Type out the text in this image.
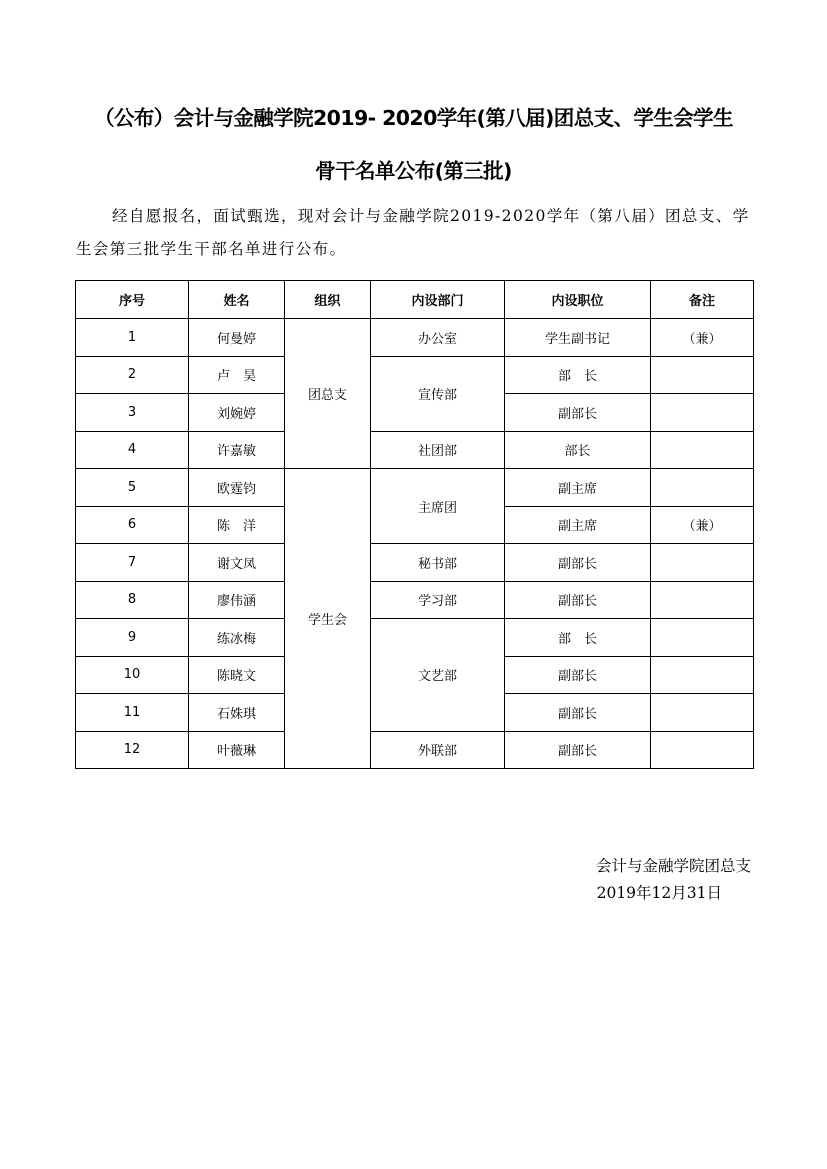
（公布）会计与金融学院2019- 2020学年(第八届)团总支、学生会学生
骨干名单公布(第三批)

经自愿报名，面试甄选，现对会计与金融学院2019-2020学年（第八届）团总支、学生会第三批学生干部名单进行公布。

序号	姓名	组织	内设部门	内设职位	备注
1	何曼婷	团总支	办公室	学生副书记	（兼）
2	卢　昊		宣传部	部　长	
3	刘婉婷			副部长	
4	许嘉敏		社团部	部长	
5	欧霆钧	学生会	主席团	副主席	
6	陈　洋			副主席	（兼）
7	谢文凤		秘书部	副部长	
8	廖伟涵		学习部	副部长	
9	练冰梅		文艺部	部　长	
10	陈晓文			副部长	
11	石姝琪			副部长	
12	叶薇琳		外联部	副部长	

会计与金融学院团总支

2019年12月31日
